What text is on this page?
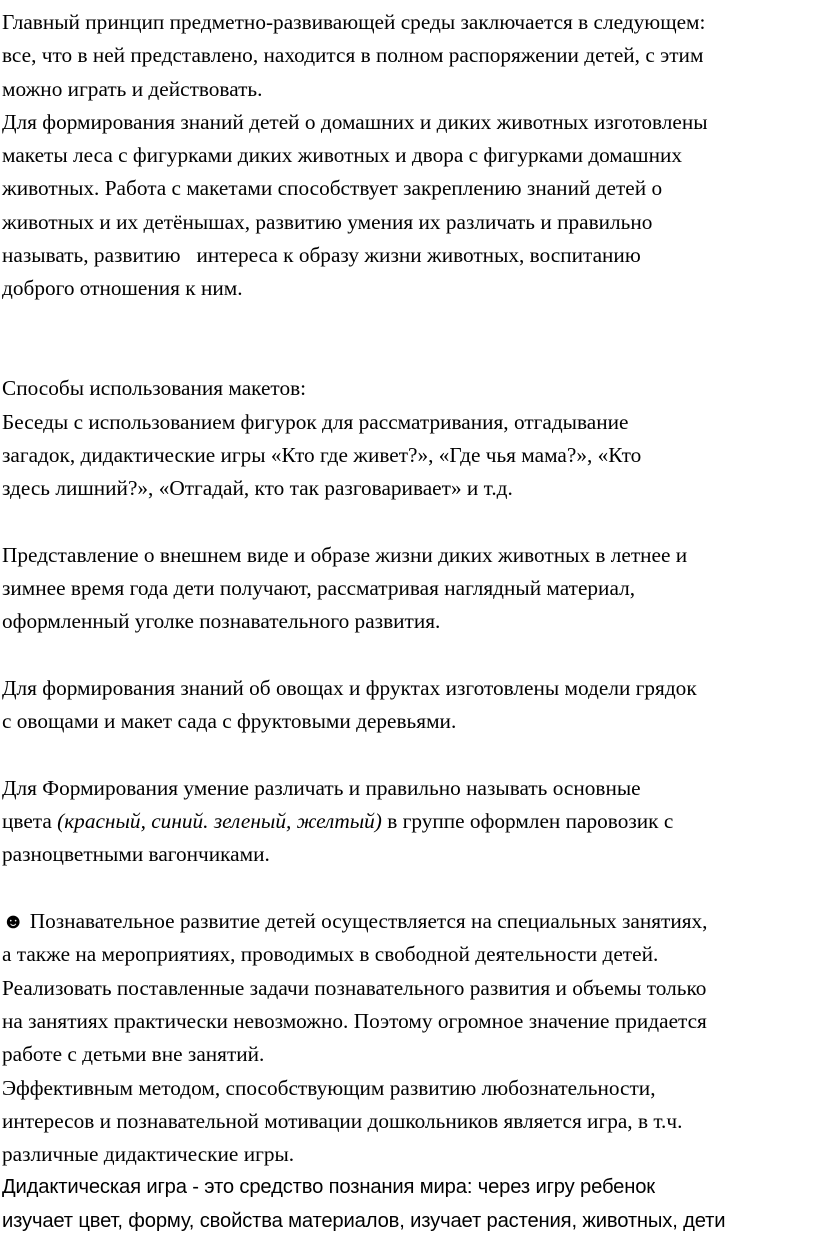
Главный принцип предметно-развивающей среды заключается в следующем:
все, что в ней представлено, находится в полном распоряжении детей, с этим
можно играть и действовать.
Для формирования знаний детей о домашних и диких животных изготовлены
макеты леса с фигурками диких животных и двора с фигурками домашних
животных. Работа с макетами способствует закреплению знаний детей о
животных и их детёнышах, развитию умения их различать и правильно
называть, развитию   интереса к образу жизни животных, воспитанию
доброго отношения к ним.
Способы использования макетов:
Беседы с использованием фигурок для рассматривания, отгадывание
загадок, дидактические игры «Кто где живет?», «Где чья мама?», «Кто
здесь лишний?», «Отгадай, кто так разговаривает» и т.д.
Представление о внешнем виде и образе жизни диких животных в летнее и
зимнее время года дети получают, рассматривая наглядный материал,
оформленный уголке познавательного развития.
Для формирования знаний об овощах и фруктах изготовлены модели грядок
с овощами и макет сада с фруктовыми деревьями.
Для Формирования умение различать и правильно называть основные
цвета (красный, синий. зеленый, желтый) в группе оформлен паровозик с
разноцветными вагончиками.
☻ Познавательное развитие детей осуществляется на специальных занятиях,
а также на мероприятиях, проводимых в свободной деятельности детей.
Реализовать поставленные задачи познавательного развития и объемы только
на занятиях практически невозможно. Поэтому огромное значение придается
работе с детьми вне занятий.
Эффективным методом, способствующим развитию любознательности,
интересов и познавательной мотивации дошкольников является игра, в т.ч.
различные дидактические игры.
Дидактическая игра - это средство познания мира: через игру ребенок
изучает цвет, форму, свойства материалов, изучает растения, животных, дети
